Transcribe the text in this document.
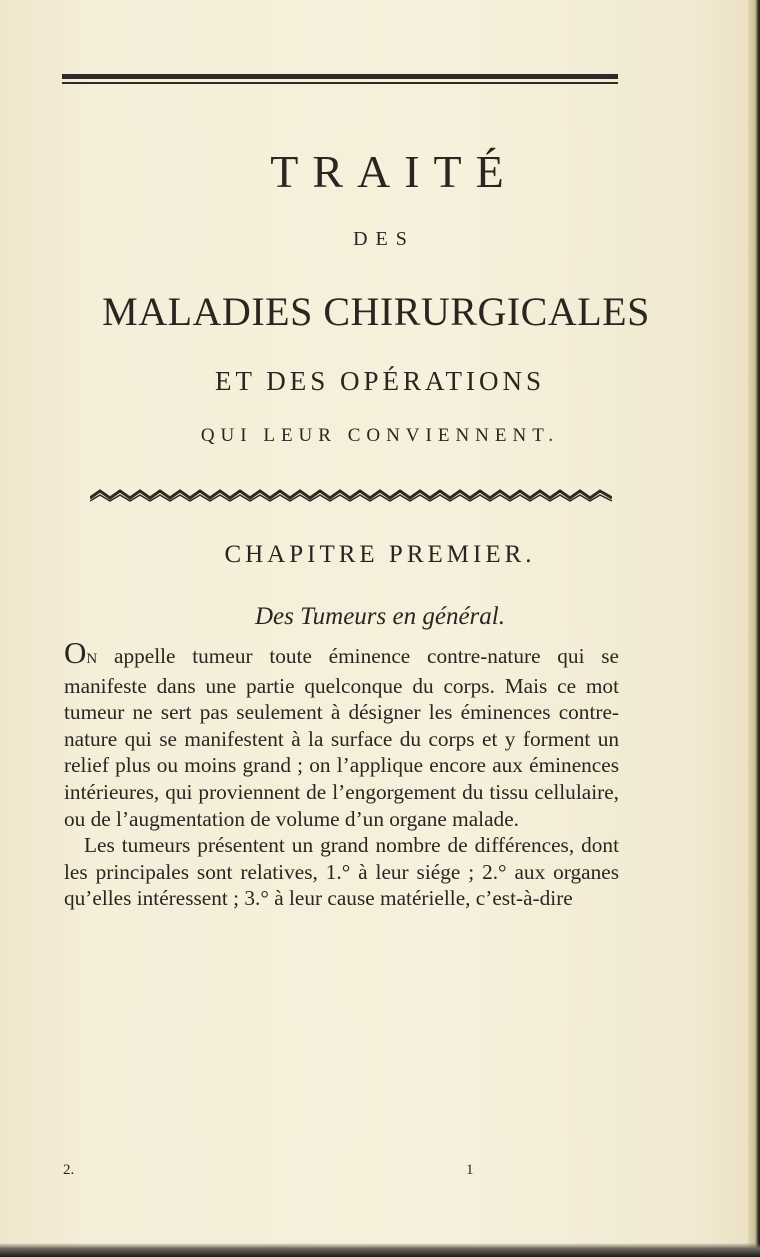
TRAITÉ
DES
MALADIES CHIRURGICALES
ET DES OPÉRATIONS
QUI LEUR CONVIENNENT.
CHAPITRE PREMIER.
Des Tumeurs en général.

ON appelle tumeur toute éminence contre-nature qui se manifeste dans une partie quelconque du corps. Mais ce mot tumeur ne sert pas seulement à désigner les éminences contre-nature qui se manifestent à la surface du corps et y forment un relief plus ou moins grand ; on l’applique encore aux éminences intérieures, qui proviennent de l’engorgement du tissu cellulaire, ou de l’augmentation de volume d’un organe malade.

Les tumeurs présentent un grand nombre de différences, dont les principales sont relatives, 1.° à leur siége ; 2.° aux organes qu’elles intéressent ; 3.° à leur cause matérielle, c’est-à-dire

2.	1
